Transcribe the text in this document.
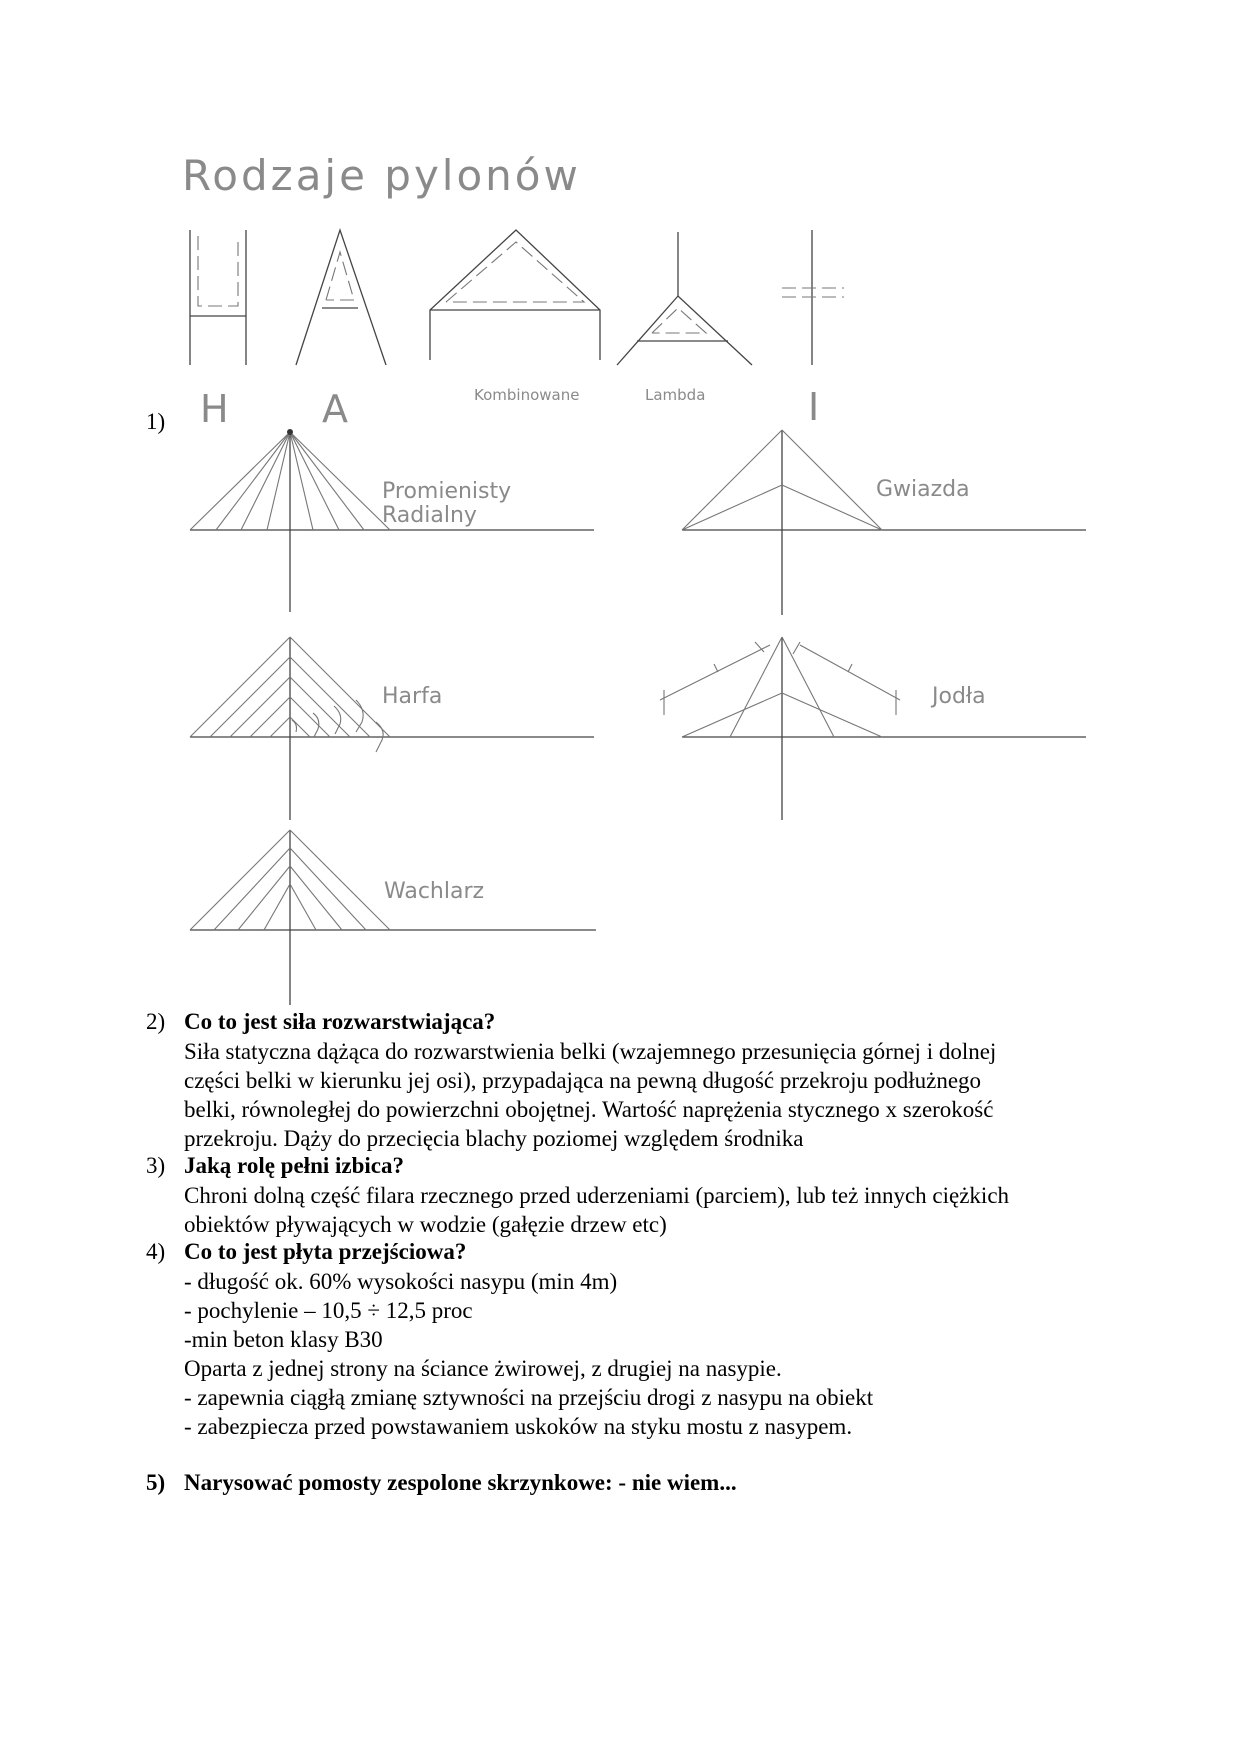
Rodzaje pylonów
H A	Kombinowane	Lambda	I
Promienisty
Radialny
Gwiazda
Harfa	Jodła
Wachlarz
1)
2) Co to jest siła rozwarstwiająca?

Siła statyczna dążąca do rozwarstwienia belki (wzajemnego przesunięcia górnej i dolnej

części belki w kierunku jej osi), przypadająca na pewną długość przekroju podłużnego

belki, równoległej do powierzchni obojętnej. Wartość naprężenia stycznego x szerokość

przekroju. Dąży do przecięcia blachy poziomej względem środnika

3) Jaką rolę pełni izbica?

Chroni dolną część filara rzecznego przed uderzeniami (parciem), lub też innych ciężkich

obiektów pływających w wodzie (gałęzie drzew etc)

4) Co to jest płyta przejściowa?

- długość ok. 60% wysokości nasypu (min 4m)

- pochylenie – 10,5 ÷ 12,5 proc

-min beton klasy B30

Oparta z jednej strony na ściance żwirowej, z drugiej na nasypie.

- zapewnia ciągłą zmianę sztywności na przejściu drogi z nasypu na obiekt

- zabezpiecza przed powstawaniem uskoków na styku mostu z nasypem.

5) Narysować pomosty zespolone skrzynkowe: - nie wiem...
